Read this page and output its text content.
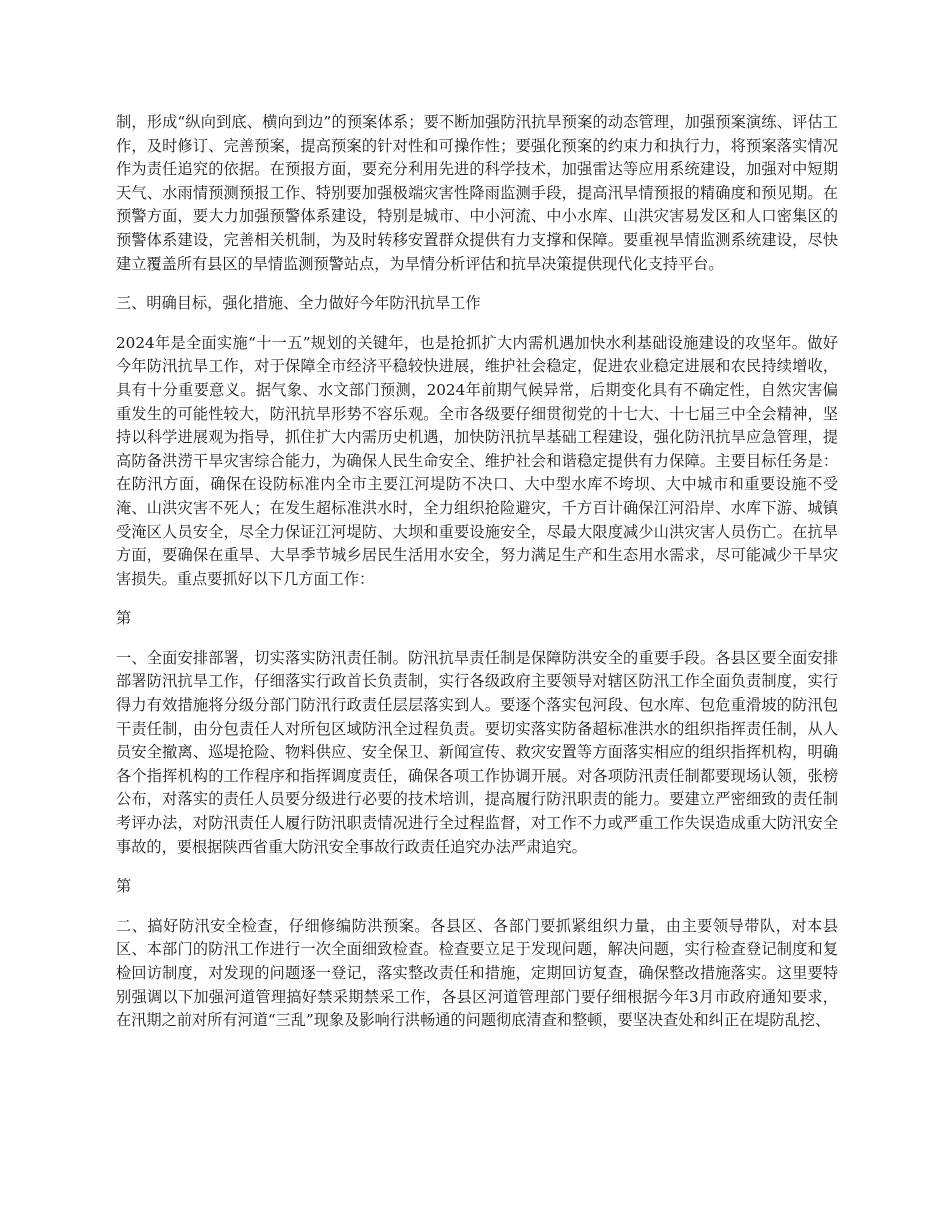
制，形成“纵向到底、横向到边”的预案体系；要不断加强防汛抗旱预案的动态管理，加强预案演练、评估工作，及时修订、完善预案，提高预案的针对性和可操作性；要强化预案的约束力和执行力，将预案落实情况作为责任追究的依据。在预报方面，要充分利用先进的科学技术，加强雷达等应用系统建设，加强对中短期天气、水雨情预测预报工作、特别要加强极端灾害性降雨监测手段，提高汛旱情预报的精确度和预见期。在预警方面，要大力加强预警体系建设，特别是城市、中小河流、中小水库、山洪灾害易发区和人口密集区的预警体系建设，完善相关机制，为及时转移安置群众提供有力支撑和保障。要重视旱情监测系统建设，尽快建立覆盖所有县区的旱情监测预警站点，为旱情分析评估和抗旱决策提供现代化支持平台。

三、明确目标，强化措施、全力做好今年防汛抗旱工作

2024年是全面实施“十一五”规划的关键年，也是抢抓扩大内需机遇加快水利基础设施建设的攻坚年。做好今年防汛抗旱工作，对于保障全市经济平稳较快进展，维护社会稳定，促进农业稳定进展和农民持续增收，具有十分重要意义。据气象、水文部门预测，2024年前期气候异常，后期变化具有不确定性，自然灾害偏重发生的可能性较大，防汛抗旱形势不容乐观。全市各级要仔细贯彻党的十七大、十七届三中全会精神，坚持以科学进展观为指导，抓住扩大内需历史机遇，加快防汛抗旱基础工程建设，强化防汛抗旱应急管理，提高防备洪涝干旱灾害综合能力，为确保人民生命安全、维护社会和谐稳定提供有力保障。主要目标任务是：在防汛方面，确保在设防标准内全市主要江河堤防不决口、大中型水库不垮坝、大中城市和重要设施不受淹、山洪灾害不死人；在发生超标准洪水时，全力组织抢险避灾，千方百计确保江河沿岸、水库下游、城镇受淹区人员安全，尽全力保证江河堤防、大坝和重要设施安全，尽最大限度减少山洪灾害人员伤亡。在抗旱方面，要确保在重旱、大旱季节城乡居民生活用水安全，努力满足生产和生态用水需求，尽可能减少干旱灾害损失。重点要抓好以下几方面工作：

第

一、全面安排部署，切实落实防汛责任制。防汛抗旱责任制是保障防洪安全的重要手段。各县区要全面安排部署防汛抗旱工作，仔细落实行政首长负责制，实行各级政府主要领导对辖区防汛工作全面负责制度，实行得力有效措施将分级分部门防汛行政责任层层落实到人。要逐个落实包河段、包水库、包危重滑坡的防汛包干责任制，由分包责任人对所包区域防汛全过程负责。要切实落实防备超标准洪水的组织指挥责任制，从人员安全撤离、巡堤抢险、物料供应、安全保卫、新闻宣传、救灾安置等方面落实相应的组织指挥机构，明确各个指挥机构的工作程序和指挥调度责任，确保各项工作协调开展。对各项防汛责任制都要现场认领，张榜公布，对落实的责任人员要分级进行必要的技术培训，提高履行防汛职责的能力。要建立严密细致的责任制考评办法，对防汛责任人履行防汛职责情况进行全过程监督，对工作不力或严重工作失误造成重大防汛安全事故的，要根据陕西省重大防汛安全事故行政责任追究办法严肃追究。

第

二、搞好防汛安全检查，仔细修编防洪预案。各县区、各部门要抓紧组织力量，由主要领导带队，对本县区、本部门的防汛工作进行一次全面细致检查。检查要立足于发现问题，解决问题，实行检查登记制度和复检回访制度，对发现的问题逐一登记，落实整改责任和措施，定期回访复查，确保整改措施落实。这里要特别强调以下加强河道管理搞好禁采期禁采工作，各县区河道管理部门要仔细根据今年3月市政府通知要求，在汛期之前对所有河道“三乱”现象及影响行洪畅通的问题彻底清查和整顿，要坚决查处和纠正在堤防乱挖、
